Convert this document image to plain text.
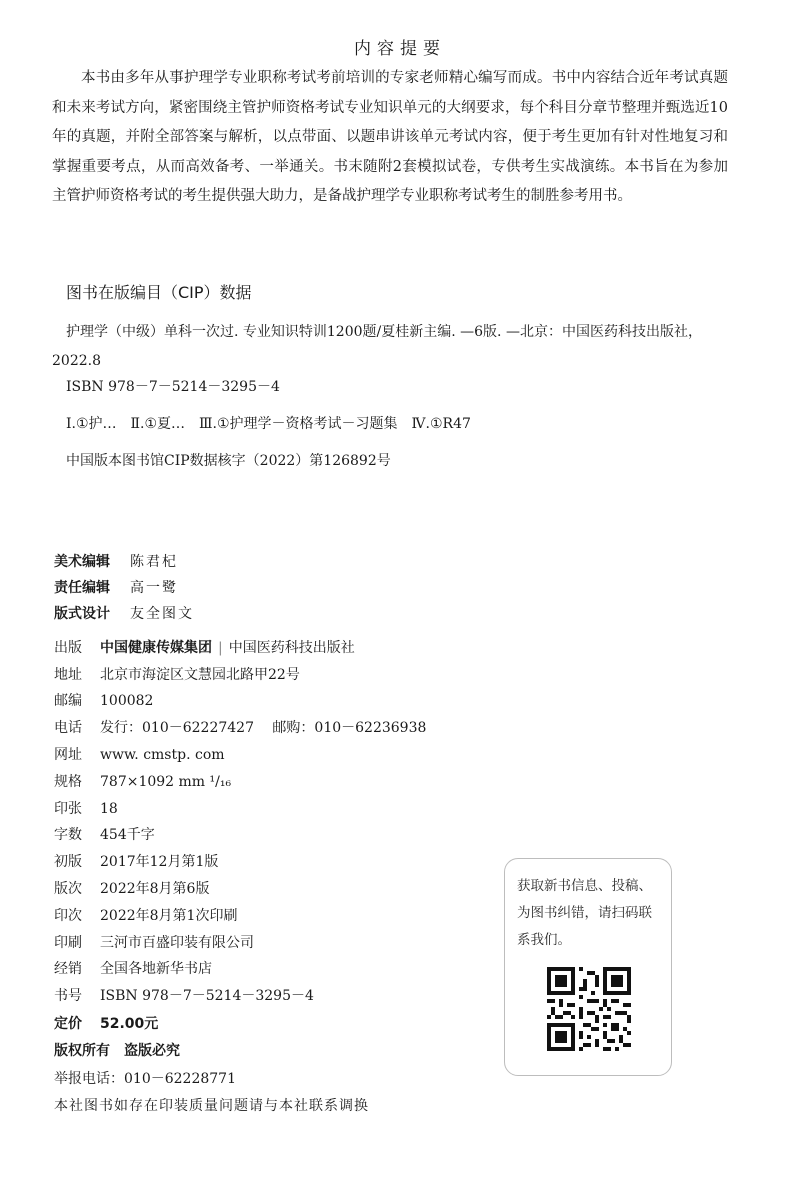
内容提要
本书由多年从事护理学专业职称考试考前培训的专家老师精心编写而成。书中内容结合近年考试真题和未来考试方向，紧密围绕主管护师资格考试专业知识单元的大纲要求，每个科目分章节整理并甄选近10年的真题，并附全部答案与解析，以点带面、以题串讲该单元考试内容，便于考生更加有针对性地复习和掌握重要考点，从而高效备考、一举通关。书末随附2套模拟试卷，专供考生实战演练。本书旨在为参加主管护师资格考试的考生提供强大助力，是备战护理学专业职称考试考生的制胜参考用书。
图书在版编目（CIP）数据
护理学（中级）单科一次过. 专业知识特训1200题/夏桂新主编. —6版. —北京：中国医药科技出版社，2022.8
ISBN 978－7－5214－3295－4
Ⅰ.①护…　Ⅱ.①夏…　Ⅲ.①护理学－资格考试－习题集　Ⅳ.①R47
中国版本图书馆CIP数据核字（2022）第126892号
美术编辑 陈君杞
责任编辑 高一鹭
版式设计 友全图文
出版 中国健康传媒集团 | 中国医药科技出版社
地址 北京市海淀区文慧园北路甲22号
邮编 100082
电话 发行：010－62227427　 邮购：010－62236938
网址 www. cmstp. com
规格 787×1092 mm ¹/₁₆
印张 18
字数 454千字
初版 2017年12月第1版
版次 2022年8月第6版
印次 2022年8月第1次印刷
印刷 三河市百盛印装有限公司
经销 全国各地新华书店
书号 ISBN 978－7－5214－3295－4
定价 52.00元
版权所有　盗版必究
举报电话：010－62228771
本社图书如存在印装质量问题请与本社联系调换
获取新书信息、投稿、为图书纠错，请扫码联系我们。
